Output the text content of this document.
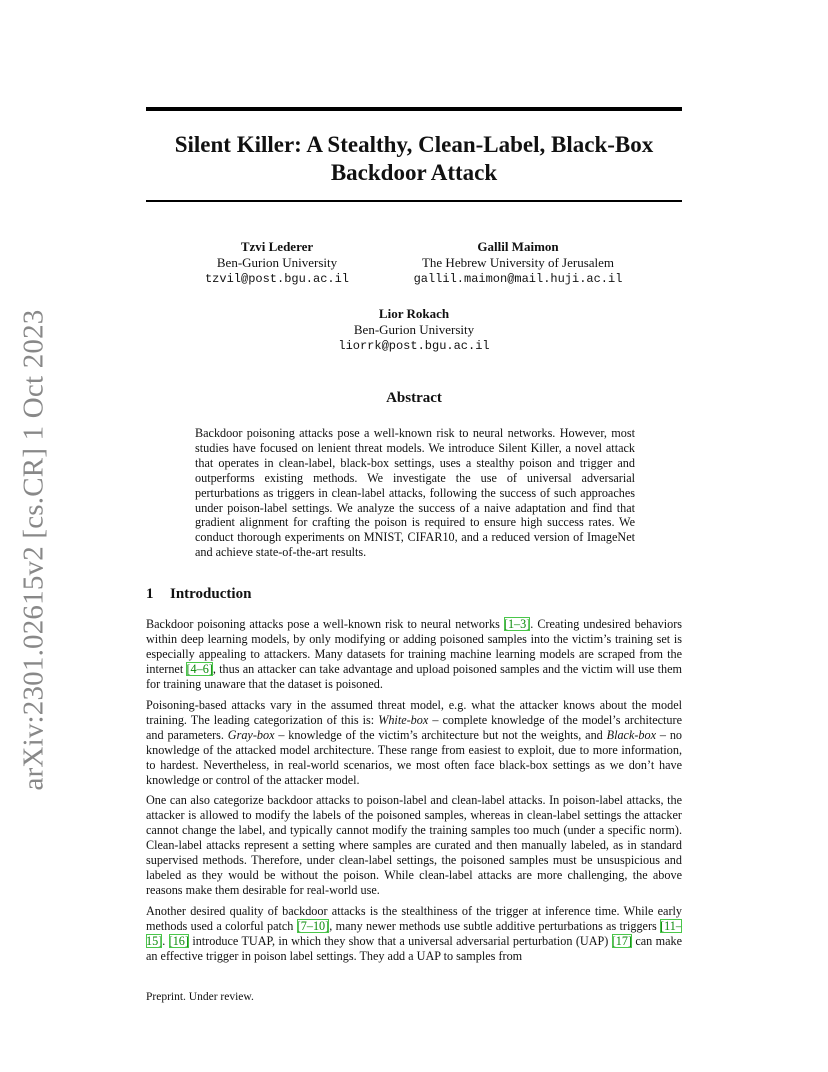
arXiv:2301.02615v2 [cs.CR] 1 Oct 2023
Silent Killer: A Stealthy, Clean-Label, Black-Box
Backdoor Attack
Tzvi Lederer
Ben-Gurion University
tzvil@post.bgu.ac.il
Gallil Maimon
The Hebrew University of Jerusalem
gallil.maimon@mail.huji.ac.il
Lior Rokach
Ben-Gurion University
liorrk@post.bgu.ac.il
Abstract
Backdoor poisoning attacks pose a well-known risk to neural networks. However, most studies have focused on lenient threat models. We introduce Silent Killer, a novel attack that operates in clean-label, black-box settings, uses a stealthy poison and trigger and outperforms existing methods. We investigate the use of universal adversarial perturbations as triggers in clean-label attacks, following the success of such approaches under poison-label settings. We analyze the success of a naive adaptation and find that gradient alignment for crafting the poison is required to ensure high success rates. We conduct thorough experiments on MNIST, CIFAR10, and a reduced version of ImageNet and achieve state-of-the-art results.
1 Introduction

Backdoor poisoning attacks pose a well-known risk to neural networks [1–3]. Creating undesired behaviors within deep learning models, by only modifying or adding poisoned samples into the victim’s training set is especially appealing to attackers. Many datasets for training machine learning models are scraped from the internet [4–6], thus an attacker can take advantage and upload poisoned samples and the victim will use them for training unaware that the dataset is poisoned.

Poisoning-based attacks vary in the assumed threat model, e.g. what the attacker knows about the model training. The leading categorization of this is: White-box – complete knowledge of the model’s architecture and parameters. Gray-box – knowledge of the victim’s architecture but not the weights, and Black-box – no knowledge of the attacked model architecture. These range from easiest to exploit, due to more information, to hardest. Nevertheless, in real-world scenarios, we most often face black-box settings as we don’t have knowledge or control of the attacker model.

One can also categorize backdoor attacks to poison-label and clean-label attacks. In poison-label attacks, the attacker is allowed to modify the labels of the poisoned samples, whereas in clean-label settings the attacker cannot change the label, and typically cannot modify the training samples too much (under a specific norm). Clean-label attacks represent a setting where samples are curated and then manually labeled, as in standard supervised methods. Therefore, under clean-label settings, the poisoned samples must be unsuspicious and labeled as they would be without the poison. While clean-label attacks are more challenging, the above reasons make them desirable for real-world use.

Another desired quality of backdoor attacks is the stealthiness of the trigger at inference time. While early methods used a colorful patch [7–10], many newer methods use subtle additive perturbations as triggers [11–15]. [16] introduce TUAP, in which they show that a universal adversarial perturbation (UAP) [17] can make an effective trigger in poison label settings. They add a UAP to samples from

Preprint. Under review.
